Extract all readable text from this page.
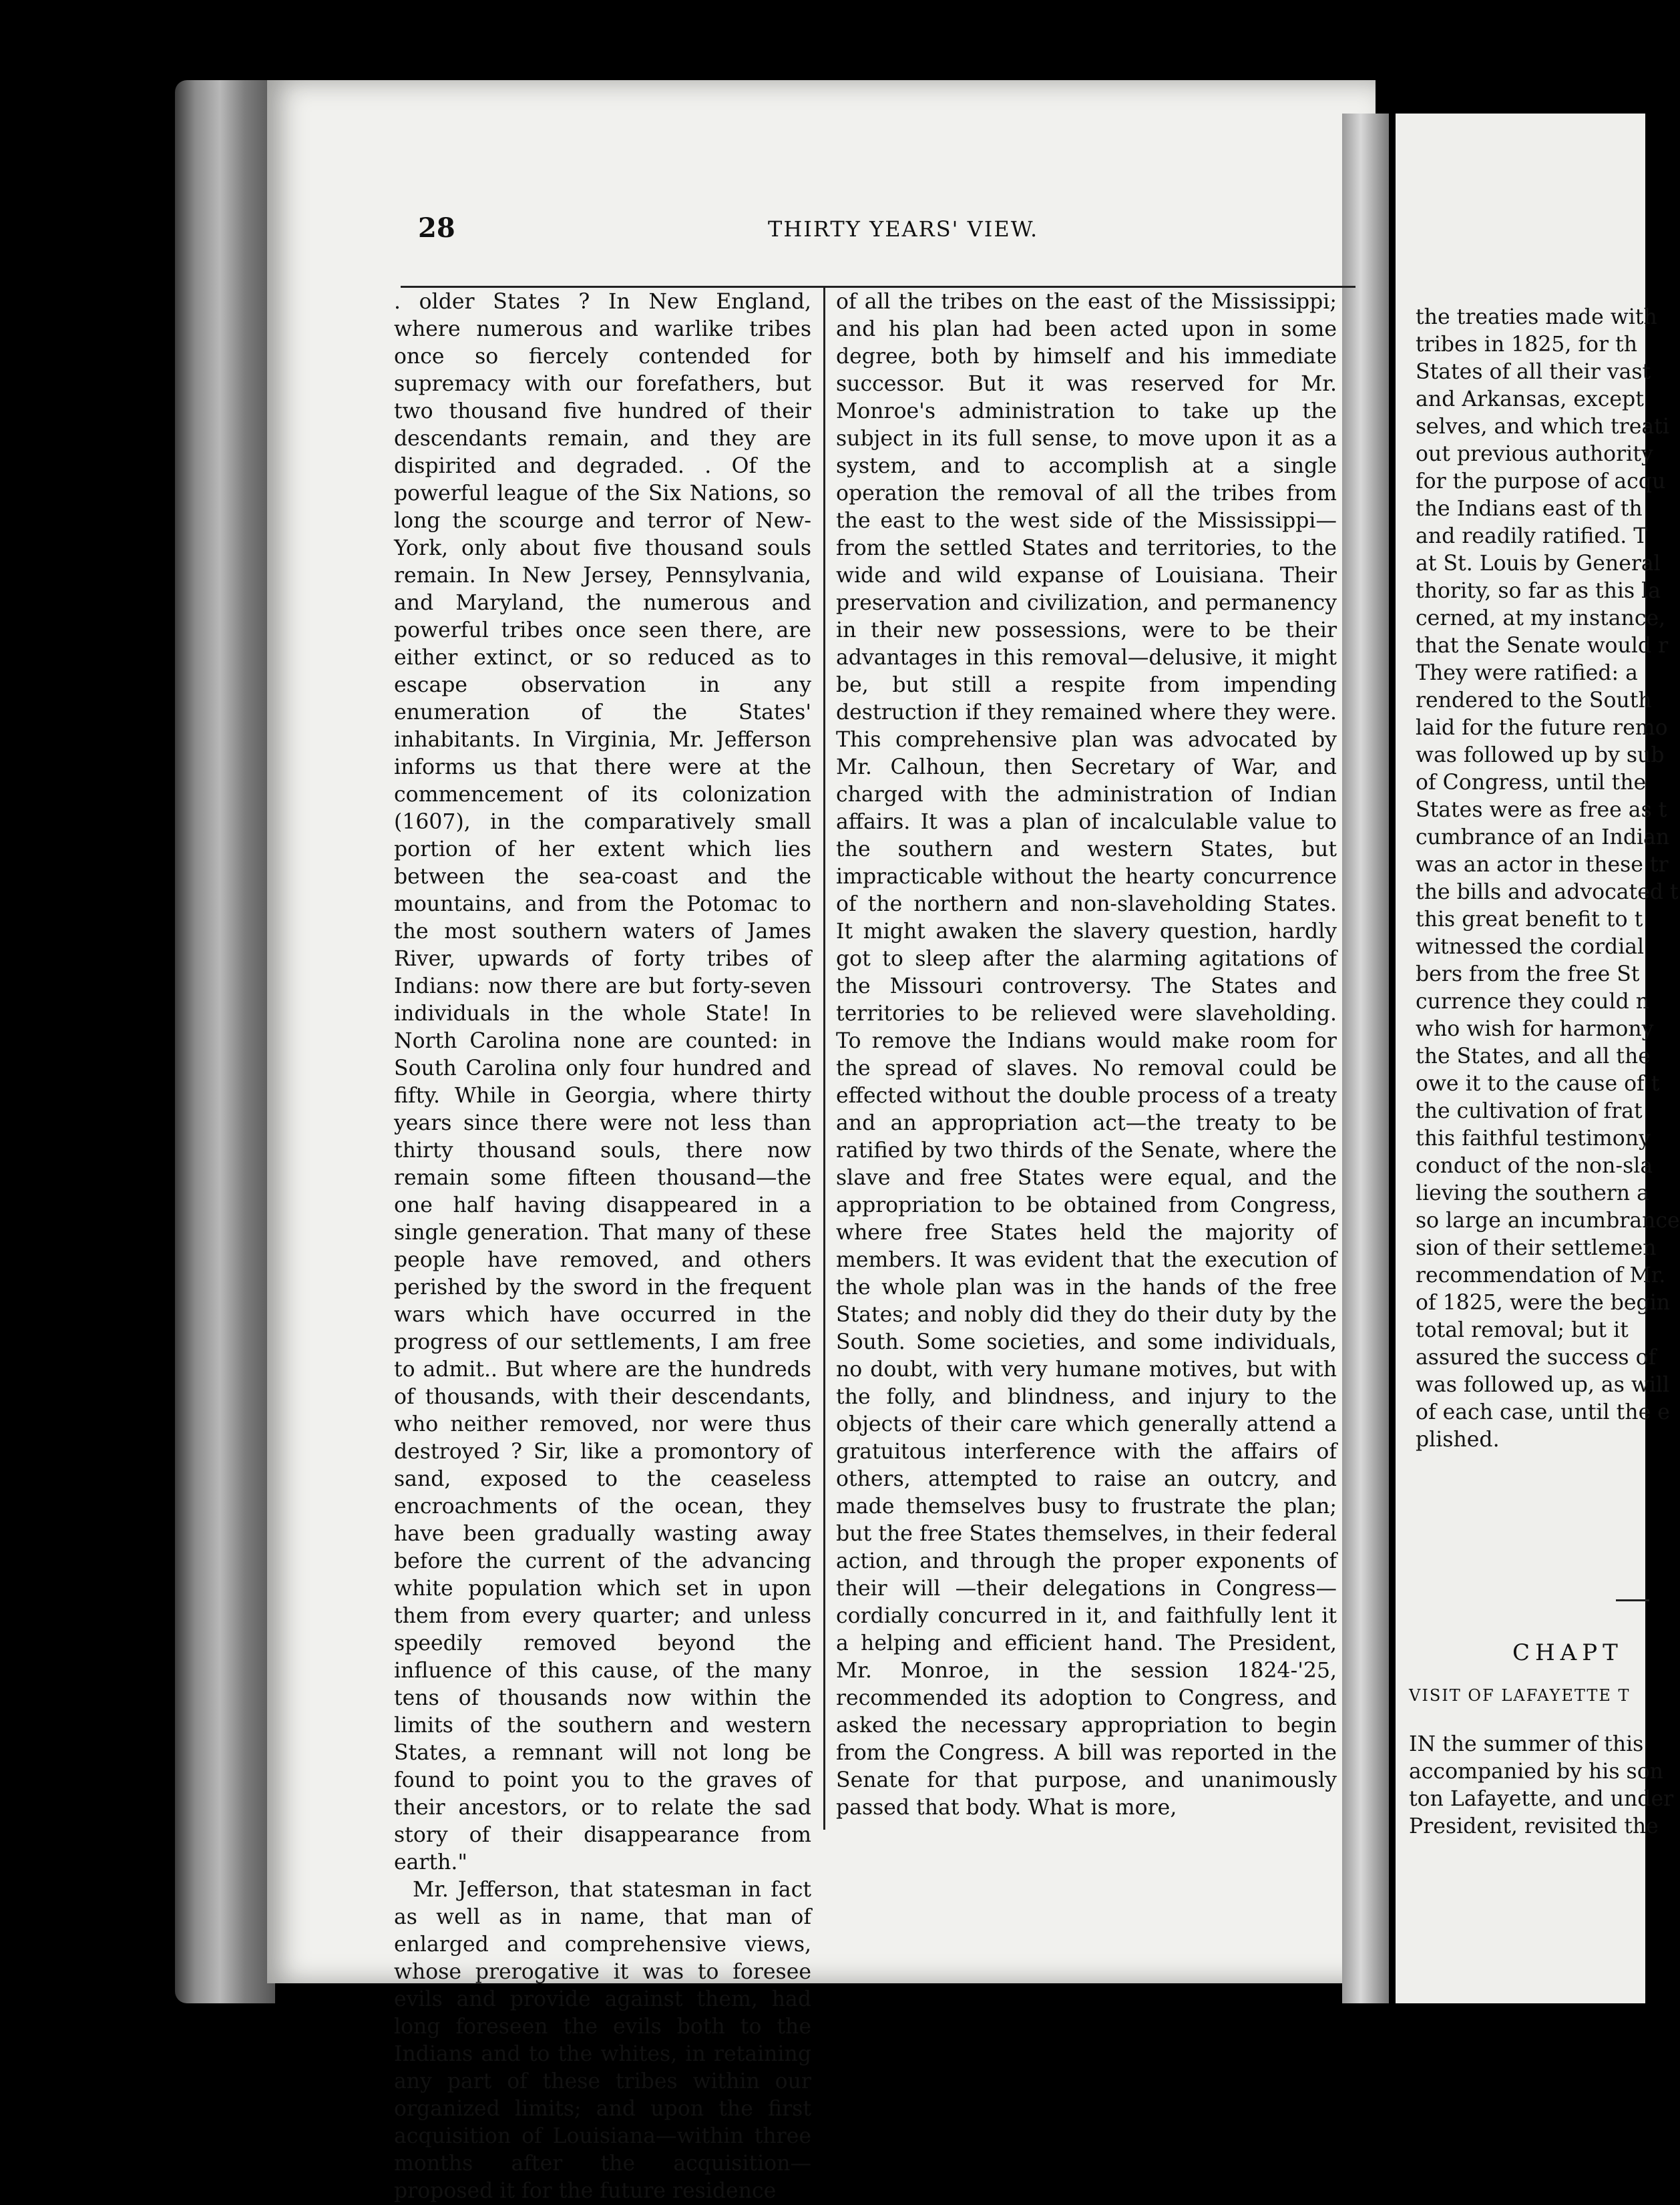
28	THIRTY YEARS' VIEW.

. older States ? In New England, where numerous and warlike tribes once so fiercely contended for supremacy with our forefathers, but two thousand five hundred of their descendants remain, and they are dispirited and degraded. . Of the powerful league of the Six Nations, so long the scourge and terror of New-York, only about five thousand souls remain. In New Jersey, Pennsylvania, and Maryland, the numerous and powerful tribes once seen there, are either extinct, or so reduced as to escape observation in any enumeration of the States' inhabitants. In Virginia, Mr. Jefferson informs us that there were at the commencement of its colonization (1607), in the comparatively small portion of her extent which lies between the sea-coast and the mountains, and from the Potomac to the most southern waters of James River, upwards of forty tribes of Indians: now there are but forty-seven individuals in the whole State! In North Carolina none are counted: in South Carolina only four hundred and fifty. While in Georgia, where thirty years since there were not less than thirty thousand souls, there now remain some fifteen thousand—the one half having disappeared in a single generation. That many of these people have removed, and others perished by the sword in the frequent wars which have occurred in the progress of our settlements, I am free to admit.. But where are the hundreds of thousands, with their descendants, who neither removed, nor were thus destroyed ? Sir, like a promontory of sand, exposed to the ceaseless encroachments of the ocean, they have been gradually wasting away before the current of the advancing white population which set in upon them from every quarter; and unless speedily removed beyond the influence of this cause, of the many tens of thousands now within the limits of the southern and western States, a remnant will not long be found to point you to the graves of their ancestors, or to relate the sad story of their disappearance from earth."

Mr. Jefferson, that statesman in fact as well as in name, that man of enlarged and comprehensive views, whose prerogative it was to foresee evils and provide against them, had long foreseen the evils both to the Indians and to the whites, in retaining any part of these tribes within our organized limits; and upon the first acquisition of Louisiana—within three months after the acquisition—proposed it for the future residence

of all the tribes on the east of the Mississippi; and his plan had been acted upon in some degree, both by himself and his immediate successor. But it was reserved for Mr. Monroe's administration to take up the subject in its full sense, to move upon it as a system, and to accomplish at a single operation the removal of all the tribes from the east to the west side of the Mississippi—from the settled States and territories, to the wide and wild expanse of Louisiana. Their preservation and civilization, and permanency in their new possessions, were to be their advantages in this removal—delusive, it might be, but still a respite from impending destruction if they remained where they were. This comprehensive plan was advocated by Mr. Calhoun, then Secretary of War, and charged with the administration of Indian affairs. It was a plan of incalculable value to the southern and western States, but impracticable without the hearty concurrence of the northern and non-slaveholding States. It might awaken the slavery question, hardly got to sleep after the alarming agitations of the Missouri controversy. The States and territories to be relieved were slaveholding. To remove the Indians would make room for the spread of slaves. No removal could be effected without the double process of a treaty and an appropriation act—the treaty to be ratified by two thirds of the Senate, where the slave and free States were equal, and the appropriation to be obtained from Congress, where free States held the majority of members. It was evident that the execution of the whole plan was in the hands of the free States; and nobly did they do their duty by the South. Some societies, and some individuals, no doubt, with very humane motives, but with the folly, and blindness, and injury to the objects of their care which generally attend a gratuitous interference with the affairs of others, attempted to raise an outcry, and made themselves busy to frustrate the plan; but the free States themselves, in their federal action, and through the proper exponents of their will —their delegations in Congress—cordially concurred in it, and faithfully lent it a helping and efficient hand. The President, Mr. Monroe, in the session 1824-'25, recommended its adoption to Congress, and asked the necessary appropriation to begin from the Congress. A bill was reported in the Senate for that purpose, and unanimously passed that body. What is more,

the treaties made with
tribes in 1825, for th
States of all their vast
and Arkansas, except
selves, and which treati
out previous authority
for the purpose of acqu
the Indians east of th
and readily ratified. T
at St. Louis by General
thority, so far as this la
cerned, at my instance,
that the Senate would r
They were ratified: a
rendered to the South
laid for the future remo
was followed up by sub
of Congress, until the
States were as free as t
cumbrance of an Indian
was an actor in these tr
the bills and advocated t
this great benefit to t
witnessed the cordial
bers from the free St
currence they could n
who wish for harmony
the States, and all the
owe it to the cause of t
the cultivation of frat
this faithful testimony
conduct of the non-sla
lieving the southern a
so large an incumbrance
sion of their settlemen
recommendation of Mr.
of 1825, were the begin
total removal; but it
assured the success of
was followed up, as will
of each case, until the e
plished.
CHAPT
VISIT OF LAFAYETTE T
IN the summer of this
accompanied by his son
ton Lafayette, and under
President, revisited the
